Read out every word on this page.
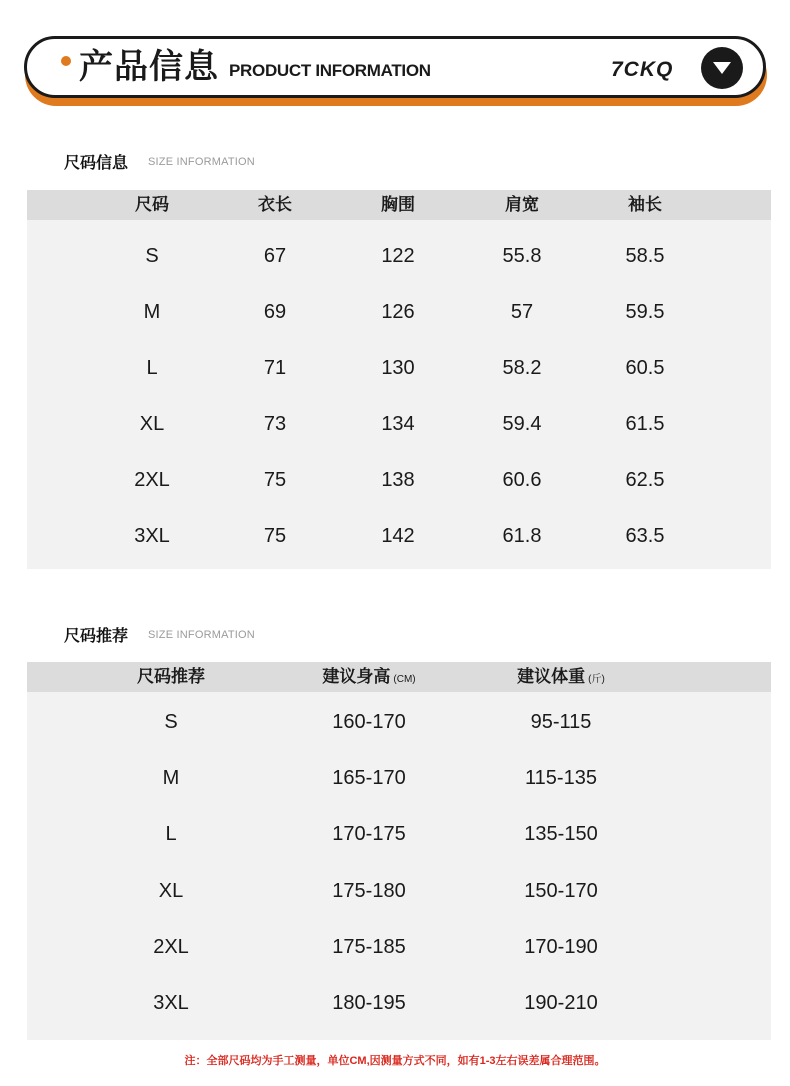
产品信息 PRODUCT INFORMATION	7CKQ
尺码信息 SIZE INFORMATION
尺码	衣长	胸围	肩宽	袖长
S	67	122	55.8	58.5
M	69	126	57	59.5
L	71	130	58.2	60.5
XL	73	134	59.4	61.5
2XL	75	138	60.6	62.5
3XL	75	142	61.8	63.5
尺码推荐 SIZE INFORMATION
尺码推荐	建议身高 (CM)	建议体重 (斤)
S	160-170	95-115
M	165-170	115-135
L	170-175	135-150
XL	175-180	150-170
2XL	175-185	170-190
3XL	180-195	190-210
注：全部尺码均为手工测量，单位CM,因测量方式不同，如有1-3左右误差属合理范围。
